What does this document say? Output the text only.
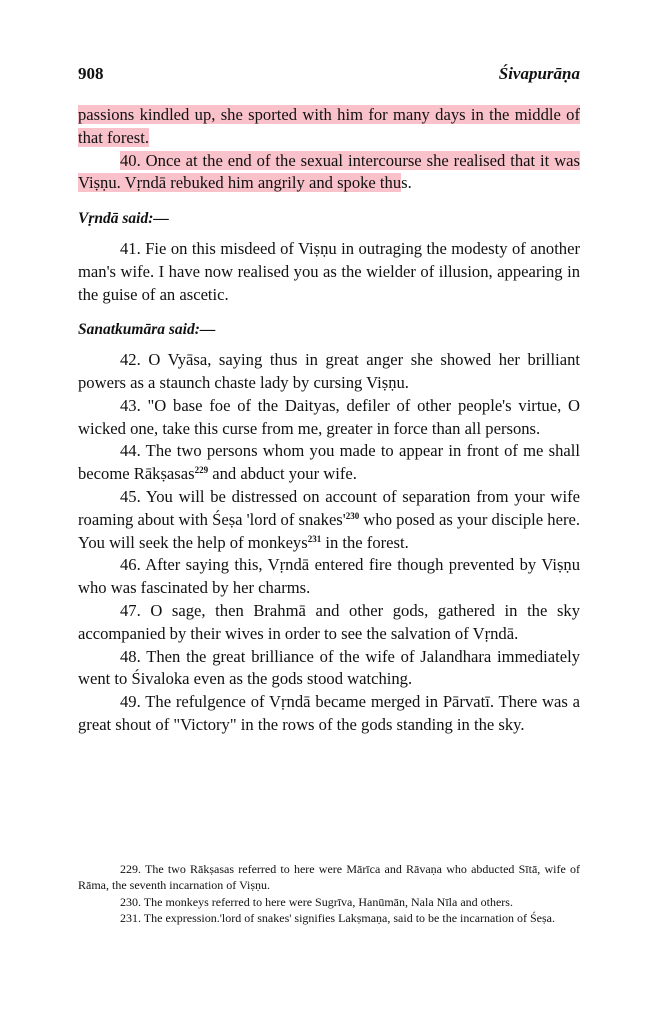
908	Śivapurāṇa

passions kindled up, she sported with him for many days in the middle of that forest.

40. Once at the end of the sexual intercourse she realised that it was Viṣṇu. Vṛndā rebuked him angrily and spoke thus.

Vṛndā said:—

41. Fie on this misdeed of Viṣṇu in outraging the modesty of another man's wife. I have now realised you as the wielder of illusion, appearing in the guise of an ascetic.

Sanatkumāra said:—

42. O Vyāsa, saying thus in great anger she showed her brilliant powers as a staunch chaste lady by cursing Viṣṇu.

43. "O base foe of the Daityas, defiler of other people's virtue, O wicked one, take this curse from me, greater in force than all persons.

44. The two persons whom you made to appear in front of me shall become Rākṣasas$^{229}$ and abduct your wife.

45. You will be distressed on account of separation from your wife roaming about with Śeṣa 'lord of $snakes'^{230}$ who posed as your disciple here. You will seek the help of monkeys$^{231}$ in the forest.

46. After saying this, Vṛndā entered fire though prevented by Viṣṇu who was fascinated by her charms.

47. O sage, then Brahmā and other gods, gathered in the sky accompanied by their wives in order to see the salvation of Vṛndā.

48. Then the great brilliance of the wife of Jalandhara immediately went to Śivaloka even as the gods stood watching.

49. The refulgence of Vṛndā became merged in Pārvatī. There was a great shout of "Victory" in the rows of the gods standing in the sky.

229. The two Rākṣasas referred to here were Mārīca and Rāvaṇa who abducted Sītā, wife of Rāma, the seventh incarnation of Viṣṇu.

230. The monkeys referred to here were Sugrīva, Hanūmān, Nala Nīla and others.

231. The expression.'lord of snakes' signifies Lakṣmaṇa, said to be the incarnation of Śeṣa.
